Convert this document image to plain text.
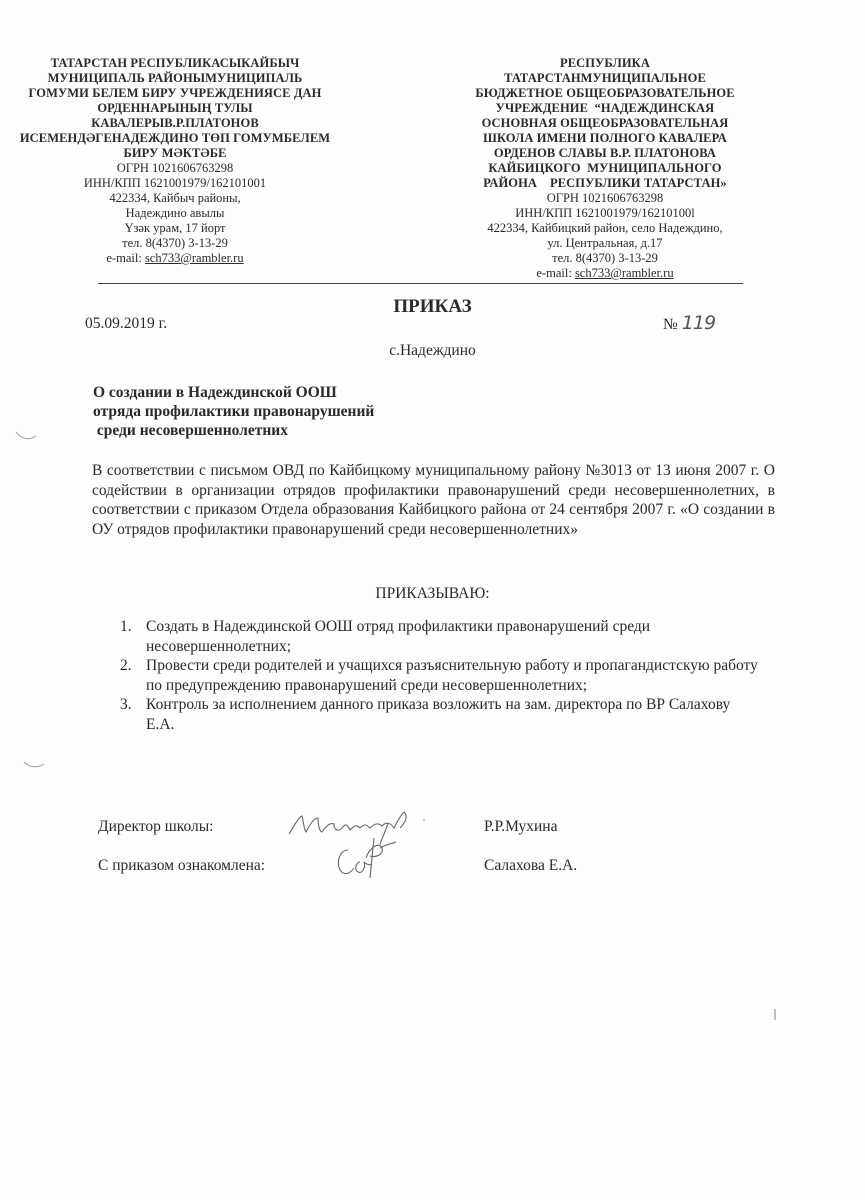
ТАТАРСТАН РЕСПУБЛИКАСЫКАЙБЫЧ
МУНИЦИПАЛЬ РАЙОНЫМУНИЦИПАЛЬ
ГОМУМИ БЕЛЕМ БИРУ УЧРЕЖДЕНИЯСЕ ДАН
ОРДЕННАРЫНЫҢ ТУЛЫ
КАВАЛЕРЫВ.Р.ПЛАТОНОВ
ИСЕМЕНДӘГЕНАДЕЖДИНО ТӨП ГОМУМБЕЛЕМ
БИРУ МӘКТӘБЕ
ОГРН 1021606763298
ИНН/КПП 1621001979/162101001
422334, Кайбыч районы,
Надеждино авылы
Үзәк урам, 17 йорт
тел. 8(4370) 3-13-29
e-mail: sch733@rambler.ru
РЕСПУБЛИКА
ТАТАРСТАНМУНИЦИПАЛЬНОЕ
БЮДЖЕТНОЕ ОБЩЕОБРАЗОВАТЕЛЬНОЕ
УЧРЕЖДЕНИЕ  “НАДЕЖДИНСКАЯ
ОСНОВНАЯ ОБЩЕОБРАЗОВАТЕЛЬНАЯ
ШКОЛА ИМЕНИ ПОЛНОГО КАВАЛЕРА
ОРДЕНОВ СЛАВЫ В.Р. ПЛАТОНОВА
КАЙБИЦКОГО  МУНИЦИПАЛЬНОГО
РАЙОНА    РЕСПУБЛИКИ ТАТАРСТАН»
ОГРН 1021606763298
ИНН/КПП 1621001979/16210100l
422334, Кайбицкий район, село Надеждино,
ул. Центральная, д.17
тел. 8(4370) 3-13-29
e-mail: sch733@rambler.ru
ПРИКАЗ
05.09.2019 г.	№ 119
с.Надеждино
О создании в Надеждинской ООШ
отряда профилактики правонарушений
среди несовершеннолетних
В соответствии с письмом ОВД по Кайбицкому муниципальному району №3013 от 13 июня 2007 г. О содействии в организации отрядов профилактики правонарушений среди несовершеннолетних, в соответствии с приказом Отдела образования Кайбицкого района от 24 сентября 2007 г. «О создании в ОУ отрядов профилактики правонарушений среди несовершеннолетних»
ПРИКАЗЫВАЮ:
1. Создать в Надеждинской ООШ отряд профилактики правонарушений среди несовершеннолетних;
2. Провести среди родителей и учащихся разъяснительную работу и пропагандистскую работу по предупреждению правонарушений среди несовершеннолетних;
3. Контроль за исполнением данного приказа возложить на зам. директора по ВР Салахову Е.А.
Директор школы:	Р.Р.Мухина
С приказом ознакомлена:	Салахова Е.А.
